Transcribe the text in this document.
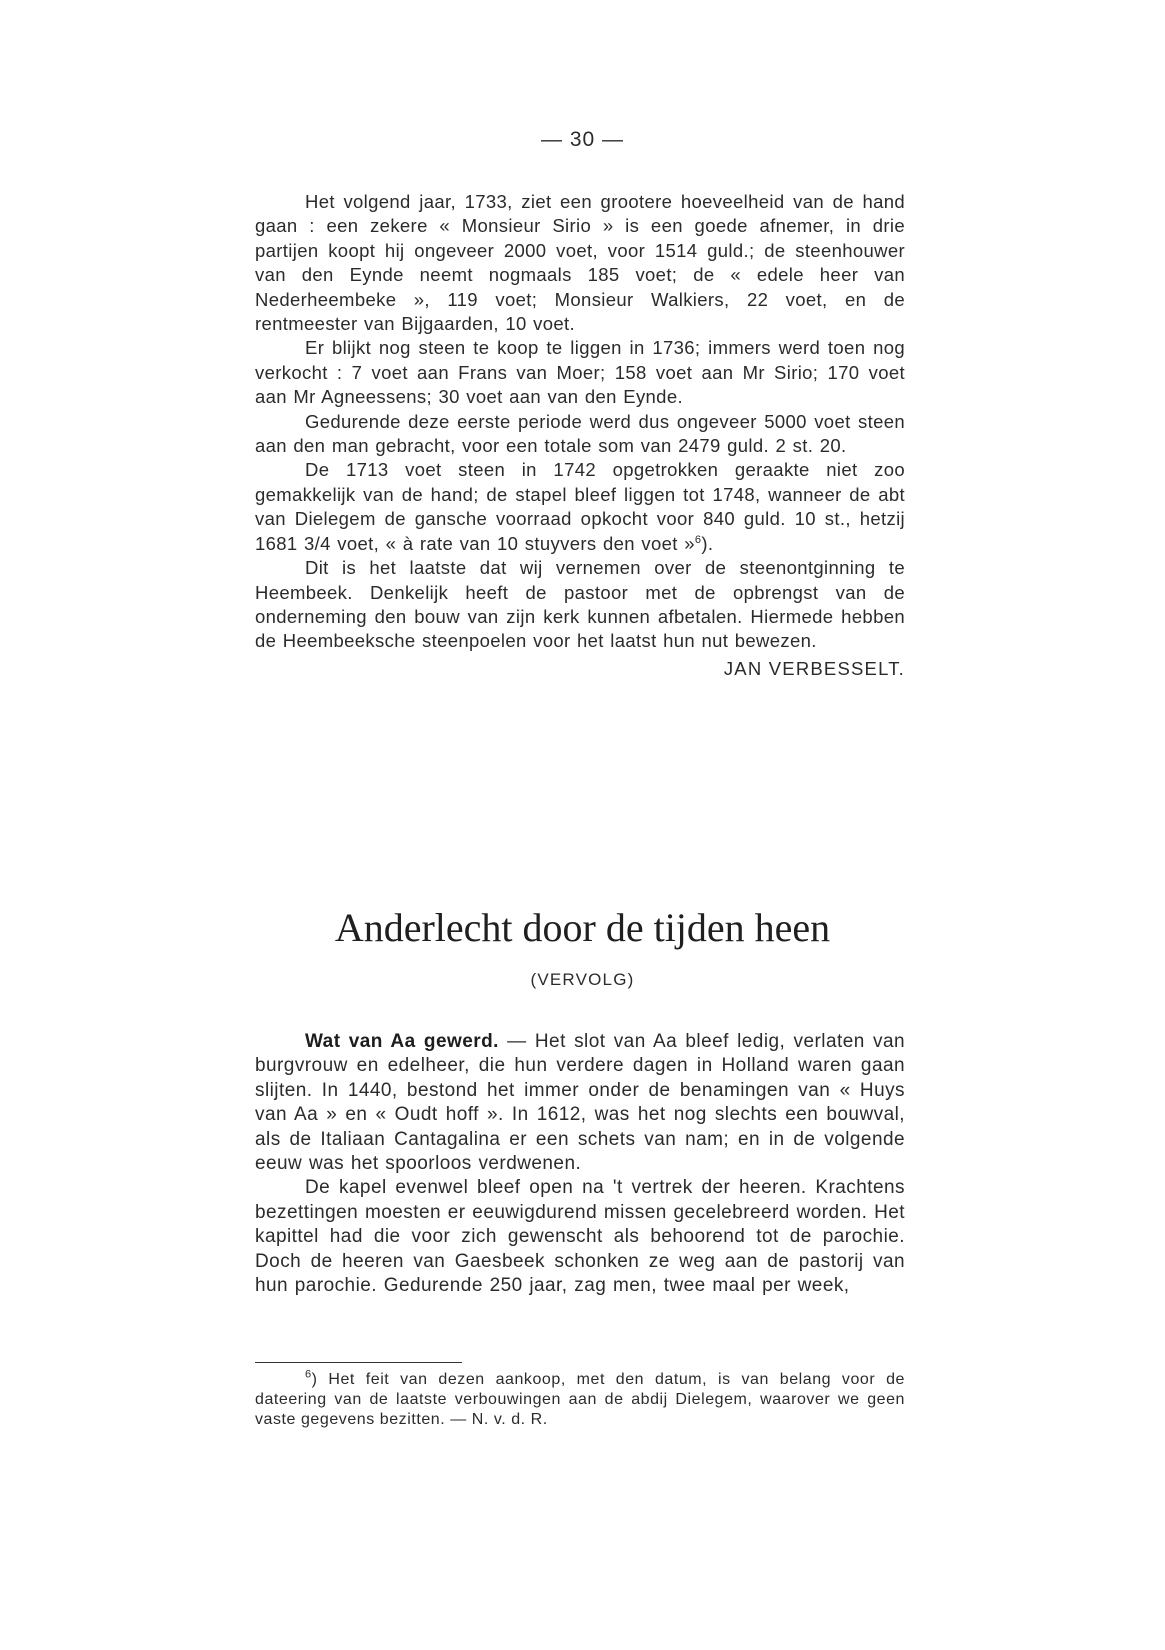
— 30 —

Het volgend jaar, 1733, ziet een grootere hoeveelheid van de hand gaan : een zekere « Monsieur Sirio » is een goede afnemer, in drie partijen koopt hij ongeveer 2000 voet, voor 1514 guld.; de steenhouwer van den Eynde neemt nogmaals 185 voet; de « edele heer van Nederheembeke », 119 voet; Monsieur Walkiers, 22 voet, en de rentmeester van Bijgaarden, 10 voet.

Er blijkt nog steen te koop te liggen in 1736; immers werd toen nog verkocht : 7 voet aan Frans van Moer; 158 voet aan Mr Sirio; 170 voet aan Mr Agneessens; 30 voet aan van den Eynde.

Gedurende deze eerste periode werd dus ongeveer 5000 voet steen aan den man gebracht, voor een totale som van 2479 guld. 2 st. 20.

De 1713 voet steen in 1742 opgetrokken geraakte niet zoo gemakkelijk van de hand; de stapel bleef liggen tot 1748, wanneer de abt van Dielegem de gansche voorraad opkocht voor 840 guld. 10 st., hetzij 1681 3/4 voet, « à rate van 10 stuyvers den voet »$^6$).

Dit is het laatste dat wij vernemen over de steenontginning te Heembeek. Denkelijk heeft de pastoor met de opbrengst van de onderneming den bouw van zijn kerk kunnen afbetalen. Hiermede hebben de Heembeeksche steenpoelen voor het laatst hun nut bewezen.

JAN VERBESSELT.

Anderlecht door de tijden heen
(VERVOLG)

Wat van Aa gewerd. — Het slot van Aa bleef ledig, verlaten van burgvrouw en edelheer, die hun verdere dagen in Holland waren gaan slijten. In 1440, bestond het immer onder de benamingen van « Huys van Aa » en « Oudt hoff ». In 1612, was het nog slechts een bouwval, als de Italiaan Cantagalina er een schets van nam; en in de volgende eeuw was het spoorloos verdwenen.

De kapel evenwel bleef open na 't vertrek der heeren. Krachtens bezettingen moesten er eeuwigdurend missen gecelebreerd worden. Het kapittel had die voor zich gewenscht als behoorend tot de parochie. Doch de heeren van Gaesbeek schonken ze weg aan de pastorij van hun parochie. Gedurende 250 jaar, zag men, twee maal per week,

$^6$) Het feit van dezen aankoop, met den datum, is van belang voor de dateering van de laatste verbouwingen aan de abdij Dielegem, waarover we geen vaste gegevens bezitten. — N. v. d. R.
